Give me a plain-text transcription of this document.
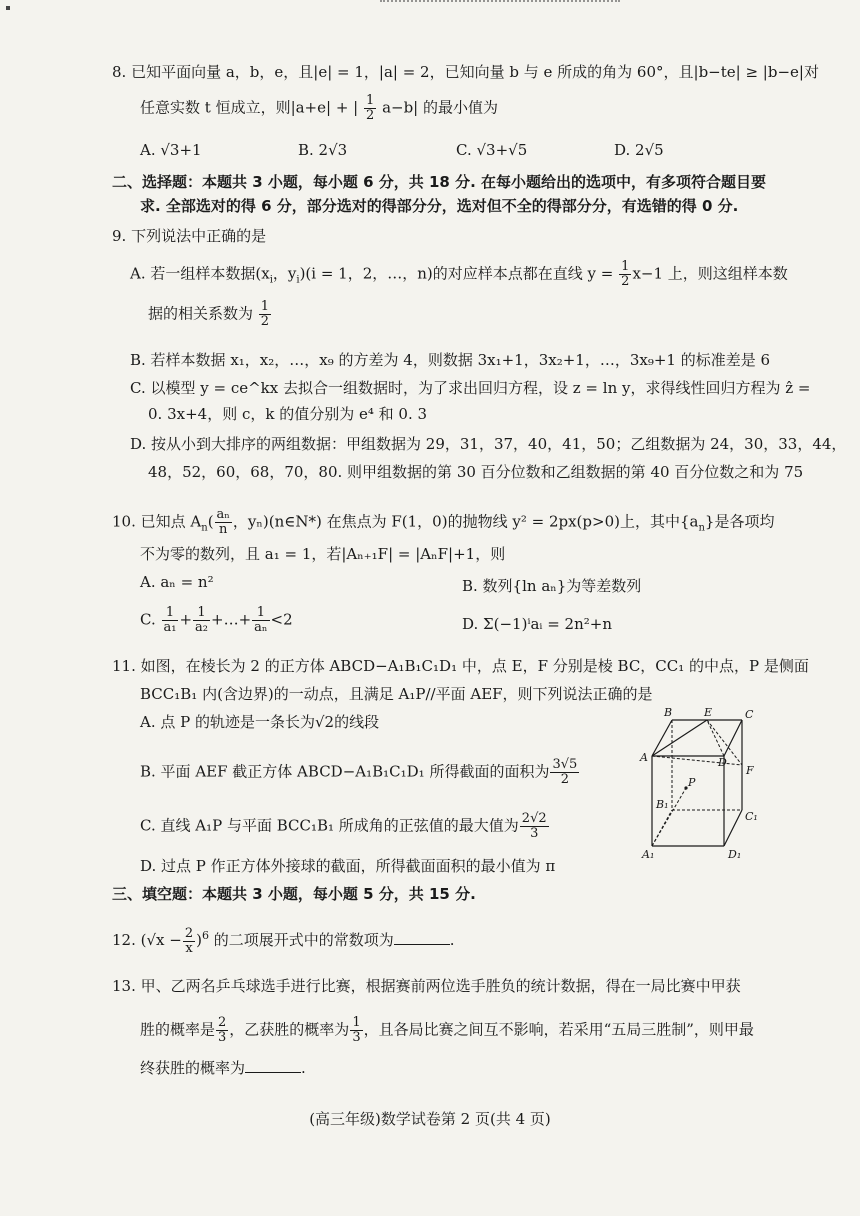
8. 已知平面向量 a，b，e，且|e| = 1，|a| = 2，已知向量 b 与 e 所成的角为 60°，且|b−te| ≥ |b−e|对
任意实数 t 恒成立，则|a+e| + | $\frac{1}{2} a-b|$ 的最小值为
A. √3+1	B. 2√3	C. √3+√5	D. 2√5
二、选择题：本题共 3 小题，每小题 6 分，共 18 分. 在每小题给出的选项中，有多项符合题目要
求. 全部选对的得 6 分，部分选对的得部分分，选对但不全的得部分分，有选错的得 0 分.
9. 下列说法中正确的是
A. 若一组样本数据($x_i$，$y_i)(i = 1$，2，…，n)的对应样本点都在直线 $y = \frac{1}{2} x-1$ 上，则这组样本数
据的相关系数为 $\frac{1}{2}$
B. 若样本数据 x₁，x₂，…，x₉ 的方差为 4，则数据 3x₁+1，3x₂+1，…，3x₉+1 的标准差是 6
C. 以模型 y = ce^kx 去拟合一组数据时，为了求出回归方程，设 z = ln y，求得线性回归方程为 ẑ =
0. 3x+4，则 c，k 的值分别为 e⁴ 和 0. 3
D. 按从小到大排序的两组数据：甲组数据为 29，31，37，40，41，50；乙组数据为 24，30，33，44，
48，52，60，68，70，80. 则甲组数据的第 30 百分位数和乙组数据的第 40 百分位数之和为 75
10. 已知点 $A_n( \frac{\text{aₙ}}{n}$ ，yₙ)(n∈N*) 在焦点为 F(1，0)的抛物线 y² = 2px(p>0)上，其中$\{a_n\}$是各项均
不为零的数列，且 a₁ = 1，若|Aₙ₊₁F| = |AₙF|+1，则
A. aₙ = n²	B. 数列{ln aₙ}为等差数列
C. $\frac{1}{\text{a₁}} + \frac{1}{\text{a₂}}$ +…+ $\frac{1}{\text{aₙ}} <2$	D. Σ(−1)ⁱaᵢ = 2n²+n
11. 如图，在棱长为 2 的正方体 ABCD−A₁B₁C₁D₁ 中，点 E，F 分别是棱 BC，CC₁ 的中点，P 是侧面
BCC₁B₁ 内(含边界)的一动点，且满足 A₁P//平面 AEF，则下列说法正确的是
A. 点 P 的轨迹是一条长为√2的线段
B. 平面 AEF 截正方体 ABCD−A₁B₁C₁D₁ 所得截面的面积为 $\frac{3√5}{2}$
C. 直线 A₁P 与平面 BCC₁B₁ 所成角的正弦值的最大值为 $\frac{2√2}{3}$
D. 过点 P 作正方体外接球的截面，所得截面面积的最小值为 π
B	E	C
A	D
F
P
B₁
C₁
A₁	D₁
三、填空题：本题共 3 小题，每小题 5 分，共 15 分.
12. $(√x - \frac{2}{x} )^6$ 的二项展开式中的常数项为	.
13. 甲、乙两名乒乓球选手进行比赛，根据赛前两位选手胜负的统计数据，得在一局比赛中甲获
胜的概率是 $\frac{2}{3}$ ，乙获胜的概率为 $\frac{1}{3}$ ，且各局比赛之间互不影响，若采用“五局三胜制”，则甲最
终获胜的概率为	.
(高三年级)数学试卷第 2 页(共 4 页)
